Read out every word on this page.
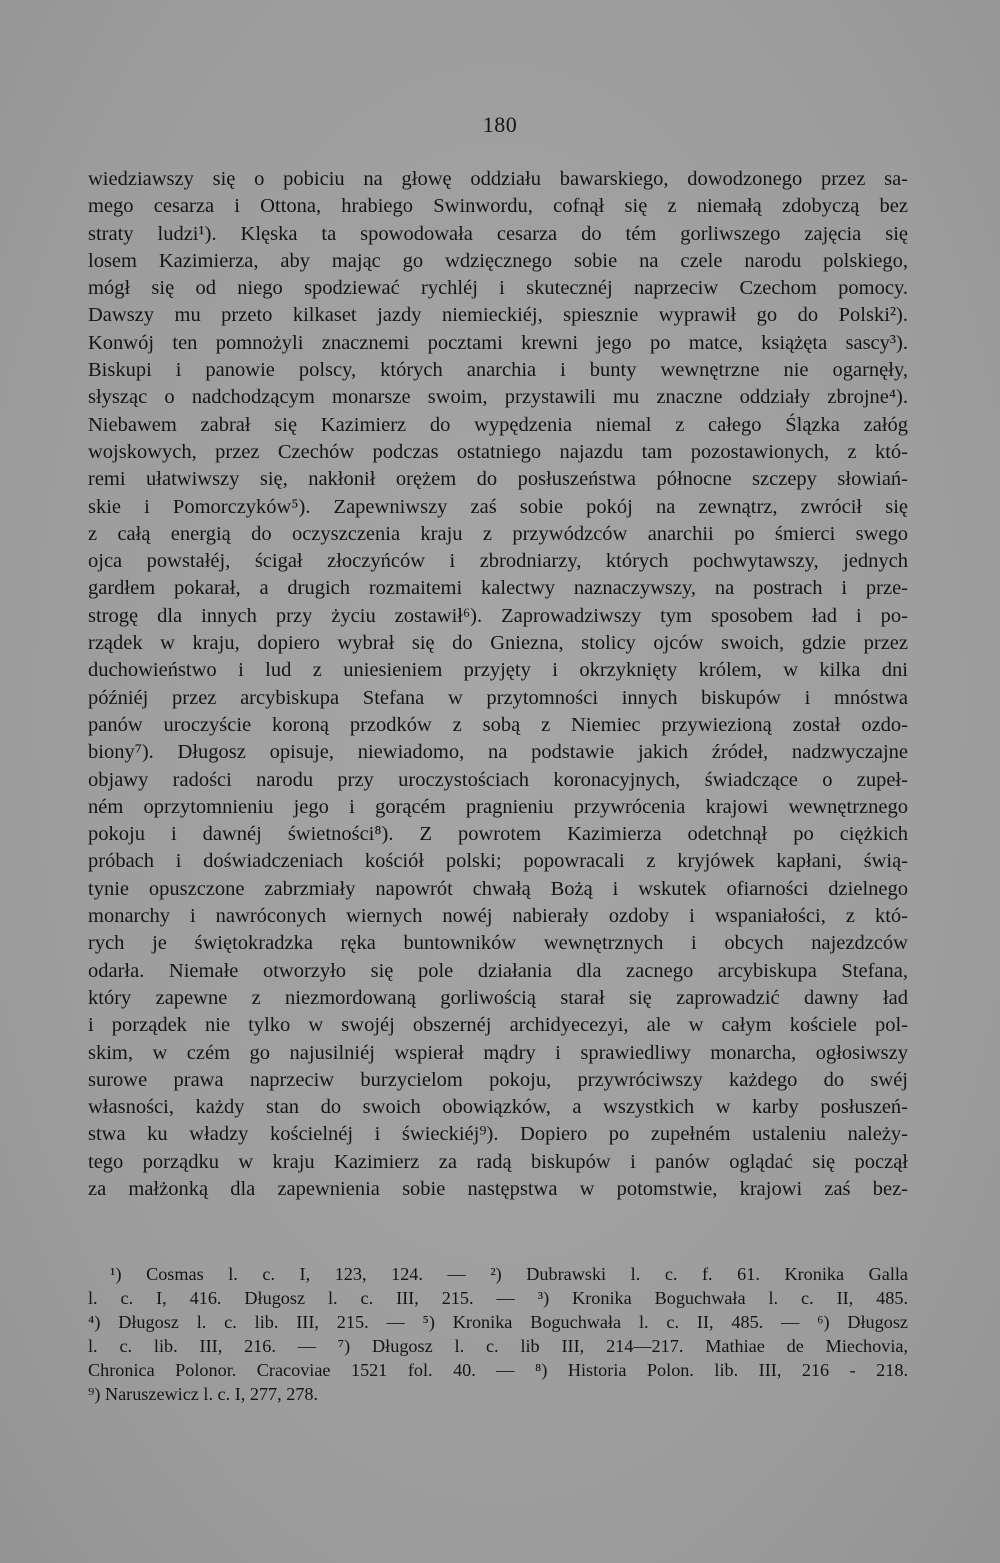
180
wiedziawszy się o pobiciu na głowę oddziału bawarskiego, dowodzonego przez sa-
mego cesarza i Ottona, hrabiego Swinwordu, cofnął się z niemałą zdobyczą bez
straty ludzi¹). Klęska ta spowodowała cesarza do tém gorliwszego zajęcia się
losem Kazimierza, aby mając go wdzięcznego sobie na czele narodu polskiego,
mógł się od niego spodziewać rychléj i skutecznéj naprzeciw Czechom pomocy.
Dawszy mu przeto kilkaset jazdy niemieckiéj, spiesznie wyprawił go do Polski²).
Konwój ten pomnożyli znacznemi pocztami krewni jego po matce, książęta sascy³).
Biskupi i panowie polscy, których anarchia i bunty wewnętrzne nie ogarnęły,
słysząc o nadchodzącym monarsze swoim, przystawili mu znaczne oddziały zbrojne⁴).
Niebawem zabrał się Kazimierz do wypędzenia niemal z całego Ślązka załóg
wojskowych, przez Czechów podczas ostatniego najazdu tam pozostawionych, z któ-
remi ułatwiwszy się, nakłonił orężem do posłuszeństwa północne szczepy słowiań-
skie i Pomorczyków⁵). Zapewniwszy zaś sobie pokój na zewnątrz, zwrócił się
z całą energią do oczyszczenia kraju z przywódzców anarchii po śmierci swego
ojca powstałéj, ścigał złoczyńców i zbrodniarzy, których pochwytawszy, jednych
gardłem pokarał, a drugich rozmaitemi kalectwy naznaczywszy, na postrach i prze-
strogę dla innych przy życiu zostawił⁶). Zaprowadziwszy tym sposobem ład i po-
rządek w kraju, dopiero wybrał się do Gniezna, stolicy ojców swoich, gdzie przez
duchowieństwo i lud z uniesieniem przyjęty i okrzyknięty królem, w kilka dni
późniéj przez arcybiskupa Stefana w przytomności innych biskupów i mnóstwa
panów uroczyście koroną przodków z sobą z Niemiec przywiezioną został ozdo-
biony⁷). Długosz opisuje, niewiadomo, na podstawie jakich źródeł, nadzwyczajne
objawy radości narodu przy uroczystościach koronacyjnych, świadczące o zupeł-
ném oprzytomnieniu jego i gorącém pragnieniu przywrócenia krajowi wewnętrznego
pokoju i dawnéj świetności⁸). Z powrotem Kazimierza odetchnął po ciężkich
próbach i doświadczeniach kościół polski; popowracali z kryjówek kapłani, świą-
tynie opuszczone zabrzmiały napowrót chwałą Bożą i wskutek ofiarności dzielnego
monarchy i nawróconych wiernych nowéj nabierały ozdoby i wspaniałości, z któ-
rych je świętokradzka ręka buntowników wewnętrznych i obcych najezdzców
odarła. Niemałe otworzyło się pole działania dla zacnego arcybiskupa Stefana,
który zapewne z niezmordowaną gorliwością starał się zaprowadzić dawny ład
i porządek nie tylko w swojéj obszernéj archidyecezyi, ale w całym kościele pol-
skim, w czém go najusilniéj wspierał mądry i sprawiedliwy monarcha, ogłosiwszy
surowe prawa naprzeciw burzycielom pokoju, przywróciwszy każdego do swéj
własności, każdy stan do swoich obowiązków, a wszystkich w karby posłuszeń-
stwa ku władzy kościelnéj i świeckiéj⁹). Dopiero po zupełném ustaleniu należy-
tego porządku w kraju Kazimierz za radą biskupów i panów oglądać się począł
za małżonką dla zapewnienia sobie następstwa w potomstwie, krajowi zaś bez-
¹) Cosmas l. c. I, 123, 124. — ²) Dubrawski l. c. f. 61. Kronika Galla
l. c. I, 416. Długosz l. c. III, 215. — ³) Kronika Boguchwała l. c. II, 485.
⁴) Długosz l. c. lib. III, 215. — ⁵) Kronika Boguchwała l. c. II, 485. — ⁶) Długosz
l. c. lib. III, 216. — ⁷) Długosz l. c. lib III, 214—217. Mathiae de Miechovia,
Chronica Polonor. Cracoviae 1521 fol. 40. — ⁸) Historia Polon. lib. III, 216 - 218.
⁹) Naruszewicz l. c. I, 277, 278.
